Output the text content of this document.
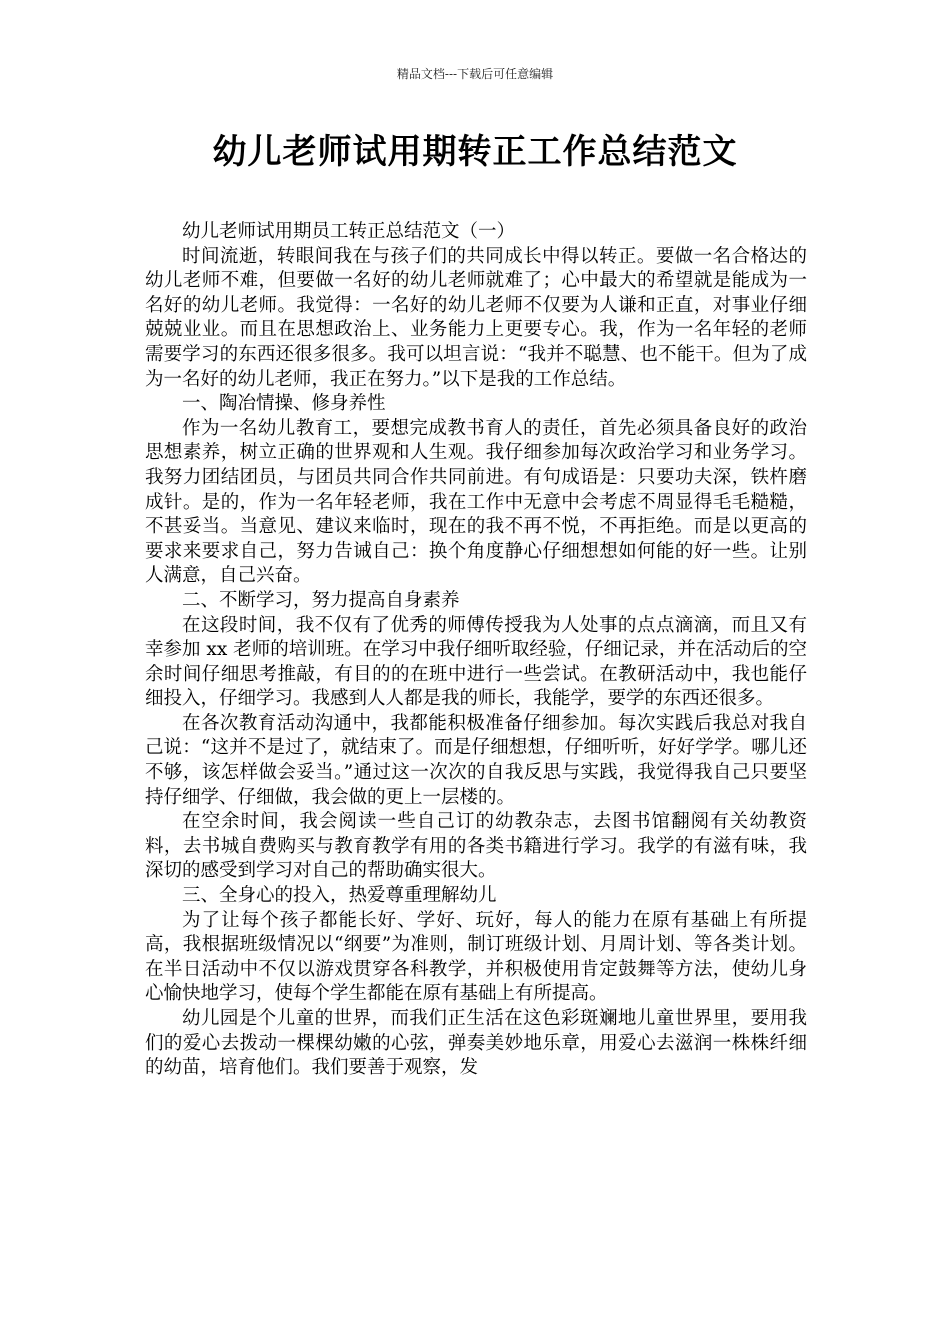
精品文档---下载后可任意编辑
幼儿老师试用期转正工作总结范文

幼儿老师试用期员工转正总结范文（一）

时间流逝，转眼间我在与孩子们的共同成长中得以转正。要做一名合格达的幼儿老师不难，但要做一名好的幼儿老师就难了；心中最大的希望就是能成为一名好的幼儿老师。我觉得：一名好的幼儿老师不仅要为人谦和正直，对事业仔细兢兢业业。而且在思想政治上、业务能力上更要专心。我，作为一名年轻的老师需要学习的东西还很多很多。我可以坦言说：“我并不聪慧、也不能干。但为了成为一名好的幼儿老师，我正在努力。”以下是我的工作总结。

一、陶冶情操、修身养性

作为一名幼儿教育工，要想完成教书育人的责任，首先必须具备良好的政治思想素养，树立正确的世界观和人生观。我仔细参加每次政治学习和业务学习。我努力团结团员，与团员共同合作共同前进。有句成语是：只要功夫深，铁杵磨成针。是的，作为一名年轻老师，我在工作中无意中会考虑不周显得毛毛糙糙，不甚妥当。当意见、建议来临时，现在的我不再不悦，不再拒绝。而是以更高的要求来要求自己，努力告诫自己：换个角度静心仔细想想如何能的好一些。让别人满意，自己兴奋。

二、不断学习，努力提高自身素养

在这段时间，我不仅有了优秀的师傅传授我为人处事的点点滴滴，而且又有幸参加 xx 老师的培训班。在学习中我仔细听取经验，仔细记录，并在活动后的空余时间仔细思考推敲，有目的的在班中进行一些尝试。在教研活动中，我也能仔细投入，仔细学习。我感到人人都是我的师长，我能学，要学的东西还很多。

在各次教育活动沟通中，我都能积极准备仔细参加。每次实践后我总对我自己说：“这并不是过了，就结束了。而是仔细想想，仔细听听，好好学学。哪儿还不够，该怎样做会妥当。”通过这一次次的自我反思与实践，我觉得我自己只要坚持仔细学、仔细做，我会做的更上一层楼的。

在空余时间，我会阅读一些自己订的幼教杂志，去图书馆翻阅有关幼教资料，去书城自费购买与教育教学有用的各类书籍进行学习。我学的有滋有味，我深切的感受到学习对自己的帮助确实很大。

三、全身心的投入，热爱尊重理解幼儿

为了让每个孩子都能长好、学好、玩好，每人的能力在原有基础上有所提高，我根据班级情况以“纲要”为准则，制订班级计划、月周计划、等各类计划。在半日活动中不仅以游戏贯穿各科教学，并积极使用肯定鼓舞等方法，使幼儿身心愉快地学习，使每个学生都能在原有基础上有所提高。

幼儿园是个儿童的世界，而我们正生活在这色彩斑斓地儿童世界里，要用我们的爱心去拨动一棵棵幼嫩的心弦，弹奏美妙地乐章，用爱心去滋润一株株纤细的幼苗，培育他们。我们要善于观察，发
